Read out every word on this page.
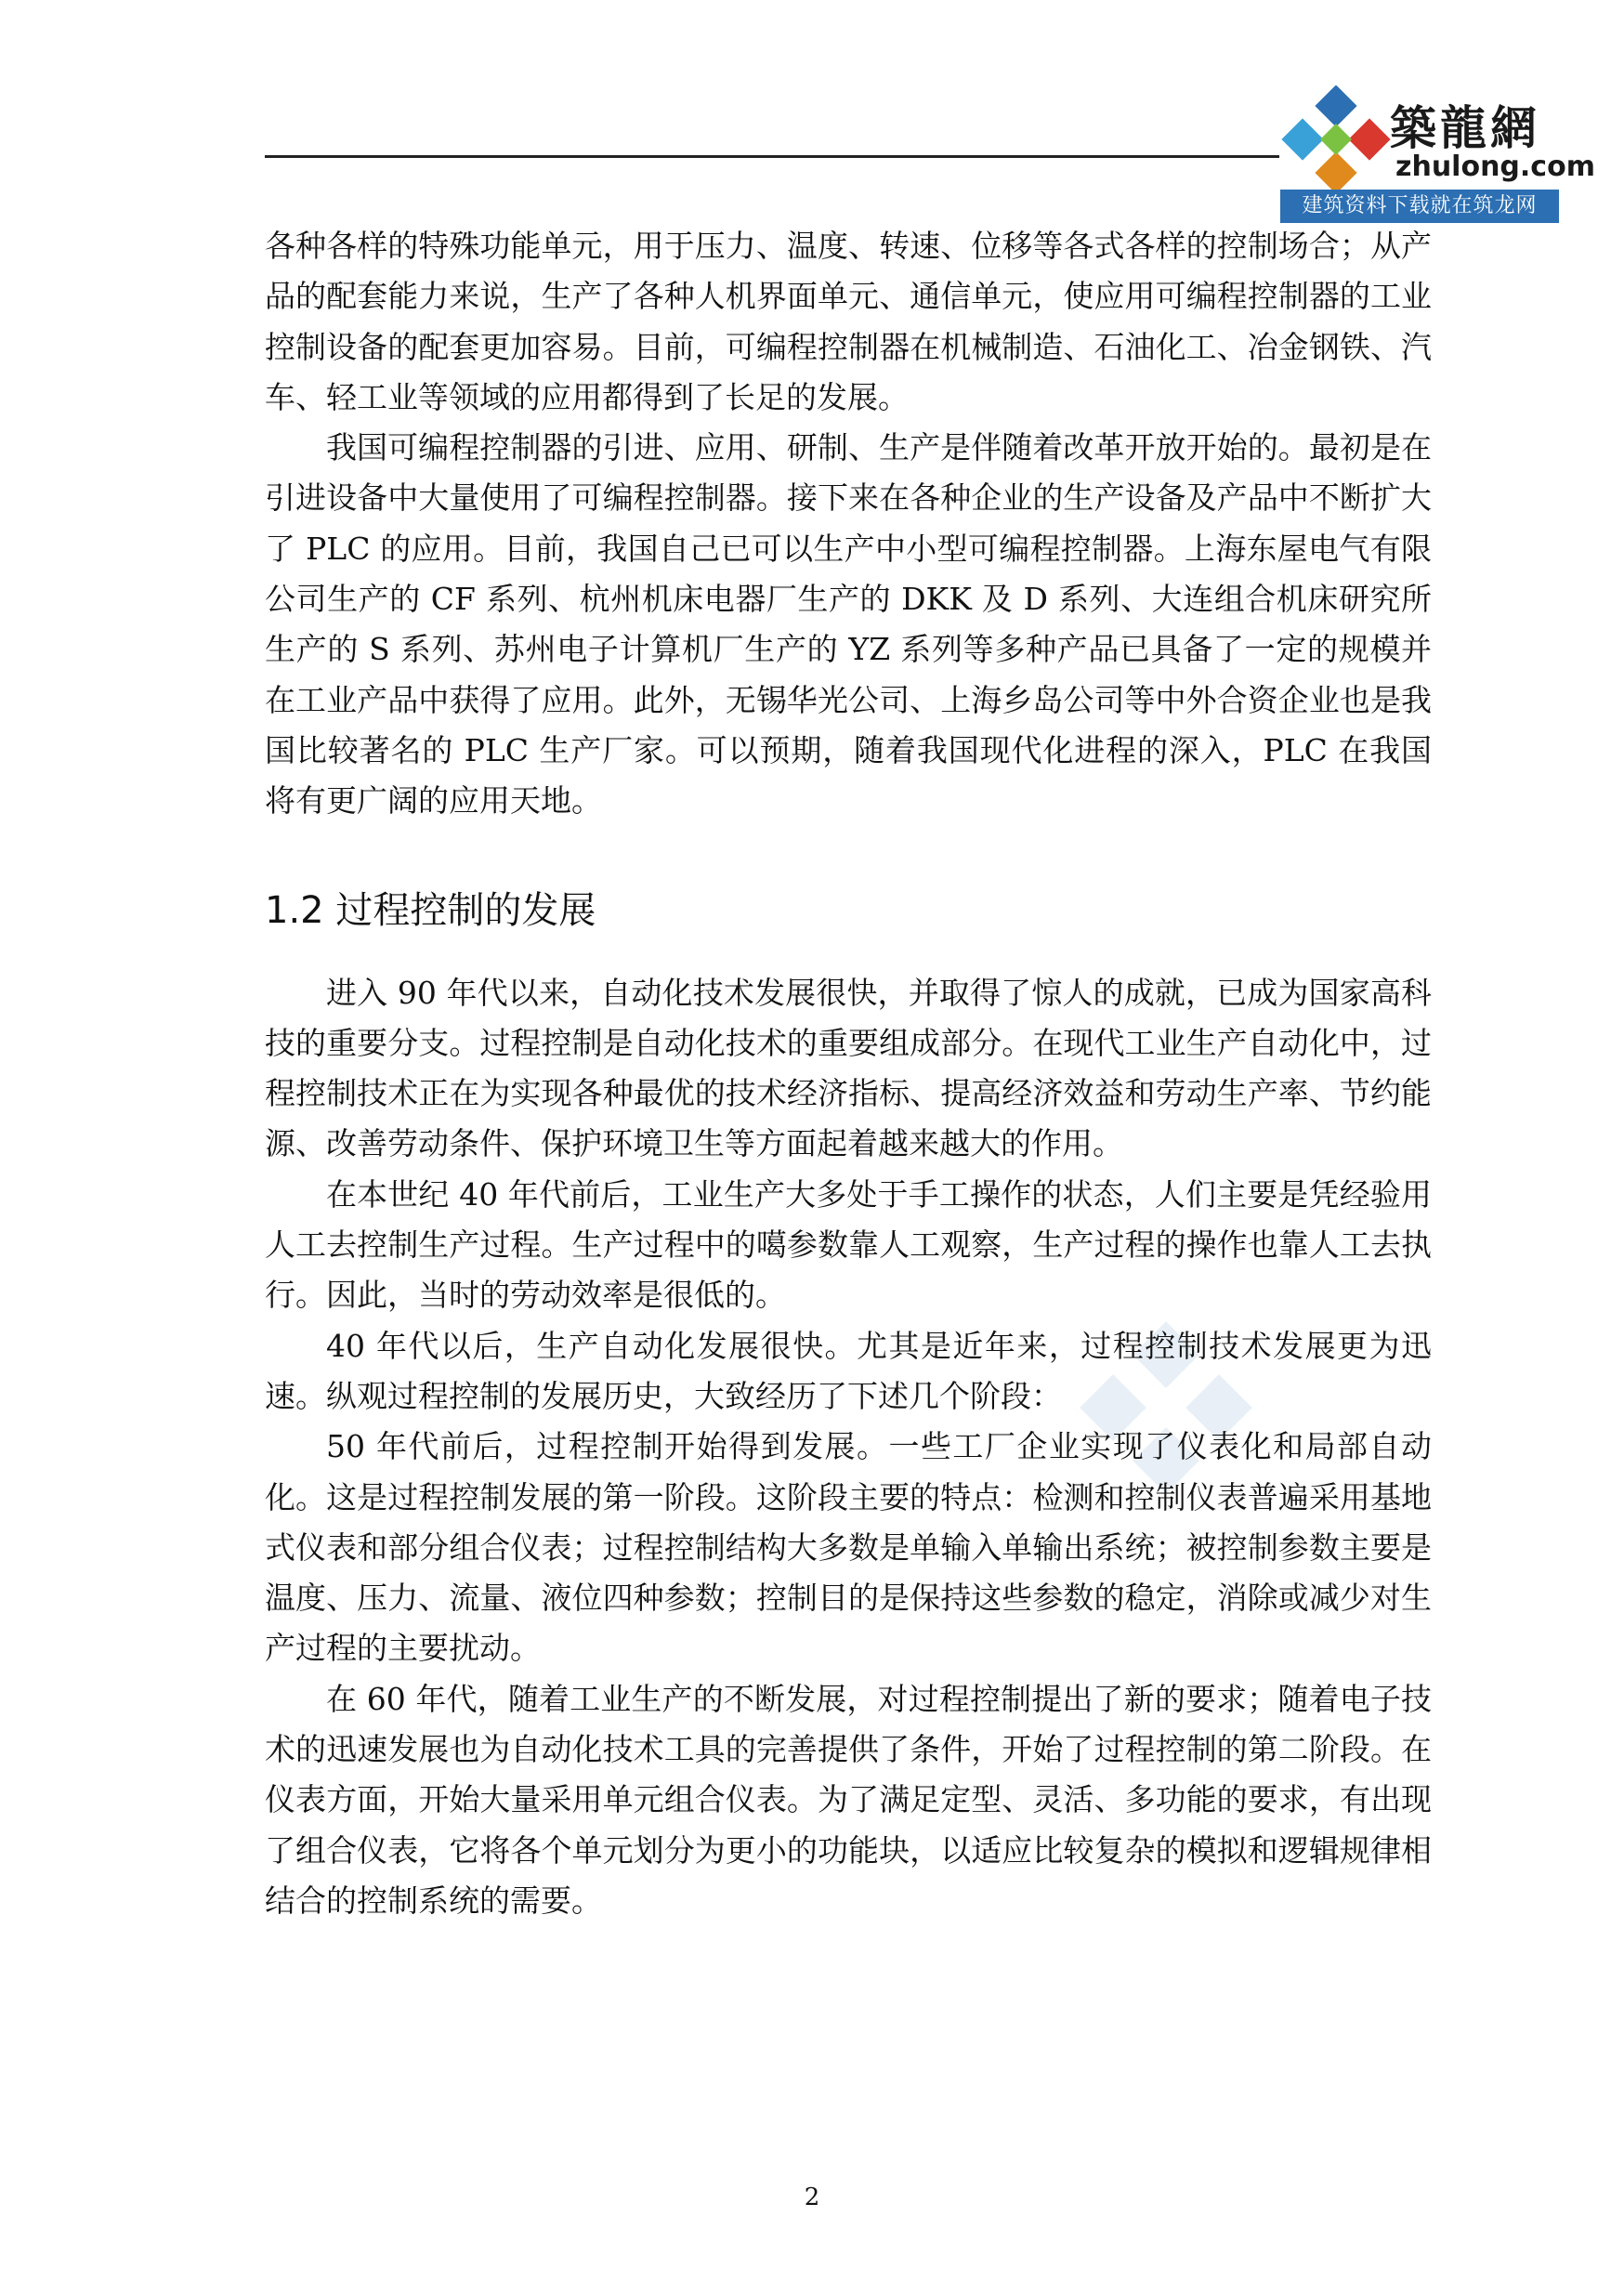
築龍網
zhulong.com
建筑资料下载就在筑龙网

各种各样的特殊功能单元，用于压力、温度、转速、位移等各式各样的控制场合；从产品的配套能力来说，生产了各种人机界面单元、通信单元，使应用可编程控制器的工业控制设备的配套更加容易。目前，可编程控制器在机械制造、石油化工、冶金钢铁、汽车、轻工业等领域的应用都得到了长足的发展。

我国可编程控制器的引进、应用、研制、生产是伴随着改革开放开始的。最初是在引进设备中大量使用了可编程控制器。接下来在各种企业的生产设备及产品中不断扩大了 PLC 的应用。目前，我国自己已可以生产中小型可编程控制器。上海东屋电气有限公司生产的 CF 系列、杭州机床电器厂生产的 DKK 及 D 系列、大连组合机床研究所生产的 S 系列、苏州电子计算机厂生产的 YZ 系列等多种产品已具备了一定的规模并在工业产品中获得了应用。此外，无锡华光公司、上海乡岛公司等中外合资企业也是我国比较著名的 PLC 生产厂家。可以预期，随着我国现代化进程的深入，PLC 在我国将有更广阔的应用天地。

1.2 过程控制的发展

进入 90 年代以来，自动化技术发展很快，并取得了惊人的成就，已成为国家高科技的重要分支。过程控制是自动化技术的重要组成部分。在现代工业生产自动化中，过程控制技术正在为实现各种最优的技术经济指标、提高经济效益和劳动生产率、节约能源、改善劳动条件、保护环境卫生等方面起着越来越大的作用。

在本世纪 40 年代前后，工业生产大多处于手工操作的状态，人们主要是凭经验用人工去控制生产过程。生产过程中的噶参数靠人工观察，生产过程的操作也靠人工去执行。因此，当时的劳动效率是很低的。

40 年代以后，生产自动化发展很快。尤其是近年来，过程控制技术发展更为迅速。纵观过程控制的发展历史，大致经历了下述几个阶段：

50 年代前后，过程控制开始得到发展。一些工厂企业实现了仪表化和局部自动化。这是过程控制发展的第一阶段。这阶段主要的特点：检测和控制仪表普遍采用基地式仪表和部分组合仪表；过程控制结构大多数是单输入单输出系统；被控制参数主要是温度、压力、流量、液位四种参数；控制目的是保持这些参数的稳定，消除或减少对生产过程的主要扰动。

在 60 年代，随着工业生产的不断发展，对过程控制提出了新的要求；随着电子技术的迅速发展也为自动化技术工具的完善提供了条件，开始了过程控制的第二阶段。在仪表方面，开始大量采用单元组合仪表。为了满足定型、灵活、多功能的要求，有出现了组合仪表，它将各个单元划分为更小的功能块，以适应比较复杂的模拟和逻辑规律相结合的控制系统的需要。

2
